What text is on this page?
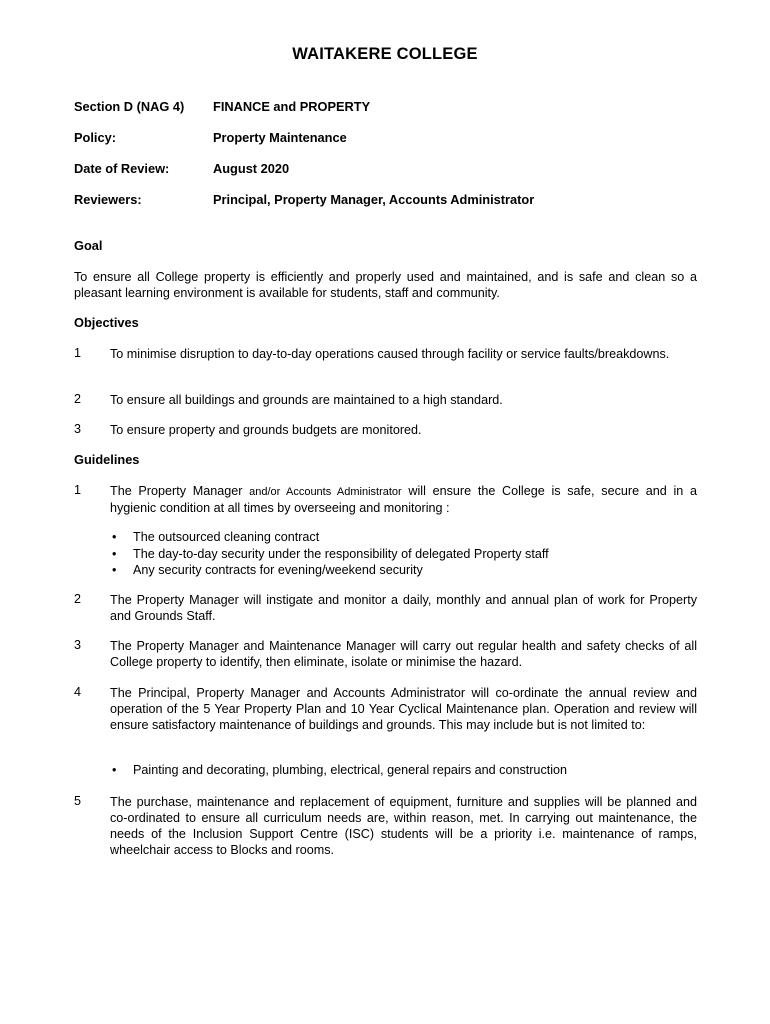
WAITAKERE COLLEGE
Section D (NAG 4) FINANCE and PROPERTY
Policy:	Property Maintenance
Date of Review:	August 2020
Reviewers:	Principal, Property Manager, Accounts Administrator
Goal
To ensure all College property is efficiently and properly used and maintained, and is safe and clean so a pleasant learning environment is available for students, staff and community.
Objectives
1 To minimise disruption to day-to-day operations caused through facility or service faults/breakdowns.
2 To ensure all buildings and grounds are maintained to a high standard.
3 To ensure property and grounds budgets are monitored.
Guidelines
1 The Property Manager and/or Accounts Administrator will ensure the College is safe, secure and in a hygienic condition at all times by overseeing and monitoring :
• The outsourced cleaning contract
• The day-to-day security under the responsibility of delegated Property staff
• Any security contracts for evening/weekend security
2 The Property Manager will instigate and monitor a daily, monthly and annual plan of work for Property and Grounds Staff.
3 The Property Manager and Maintenance Manager will carry out regular health and safety checks of all College property to identify, then eliminate, isolate or minimise the hazard.
4 The Principal, Property Manager and Accounts Administrator will co-ordinate the annual review and operation of the 5 Year Property Plan and 10 Year Cyclical Maintenance plan. Operation and review will ensure satisfactory maintenance of buildings and grounds. This may include but is not limited to:
• Painting and decorating, plumbing, electrical, general repairs and construction
5 The purchase, maintenance and replacement of equipment, furniture and supplies will be planned and co-ordinated to ensure all curriculum needs are, within reason, met. In carrying out maintenance, the needs of the Inclusion Support Centre (ISC) students will be a priority i.e. maintenance of ramps, wheelchair access to Blocks and rooms.
